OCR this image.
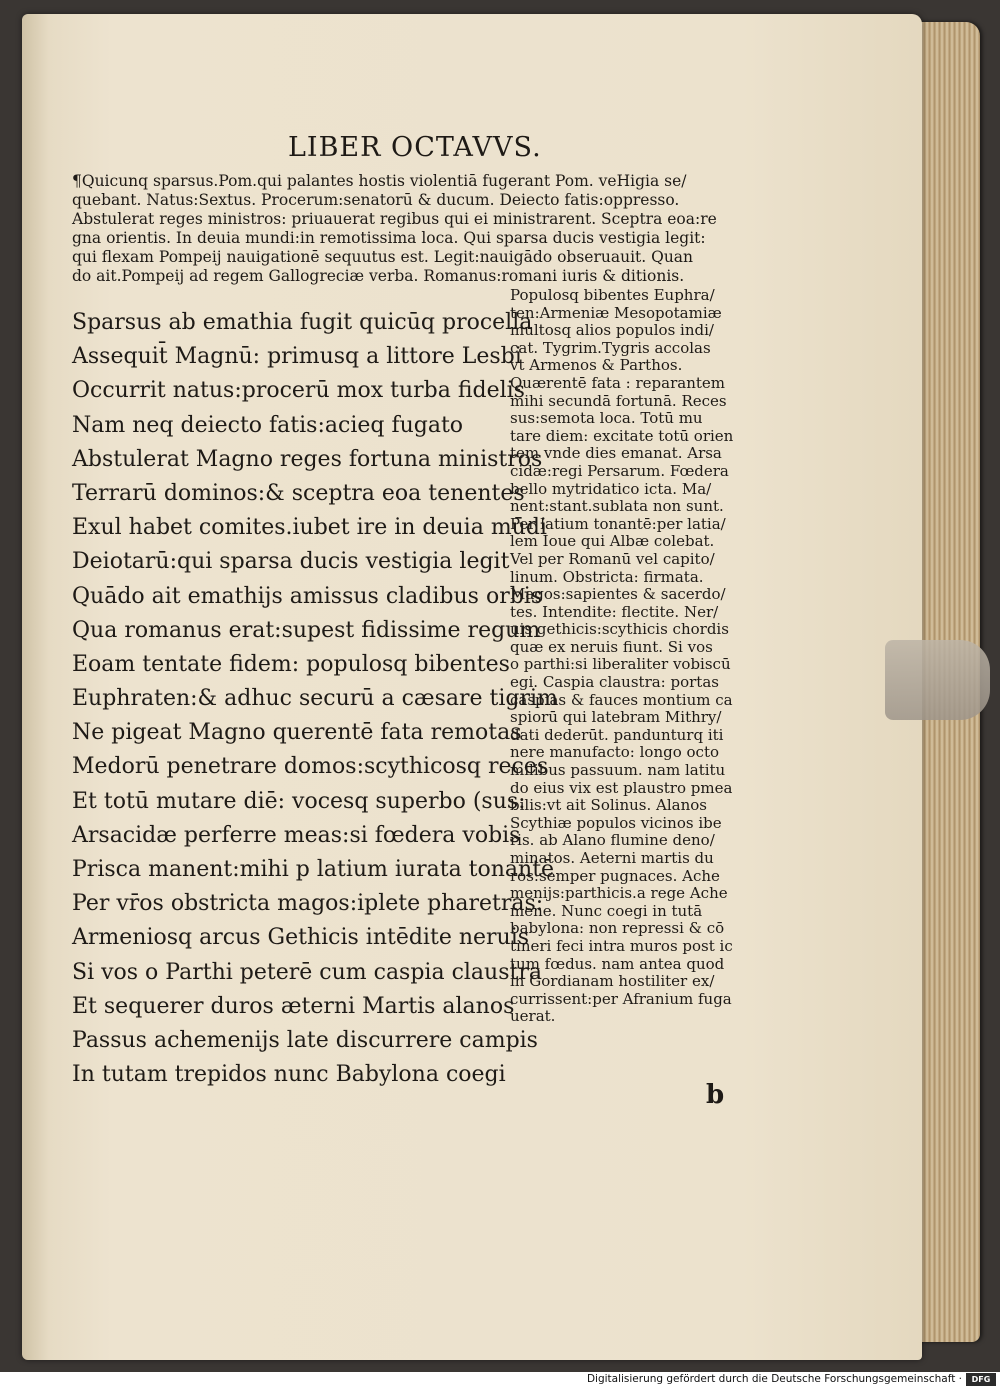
LIBER OCTAVVS.
¶Quicunq sparsus.Pom.qui palantes hostis violentiā fugerant Pom. veHigia se/
quebant. Natus:Sextus. Procerum:senatorū & ducum. Deiecto fatis:oppresso.
Abstulerat reges ministros: priuauerat regibus qui ei ministrarent. Sceptra eoa:re
gna orientis. In deuia mundi:in remotissima loca. Qui sparsa ducis vestigia legit:
qui flexam Pompeij nauigationē sequutus est. Legit:nauigādo obseruauit. Quan
do ait.Pompeij ad regem Gallogreciæ verba. Romanus:romani iuris & ditionis.
Sparsus ab emathia fugit quicūq procella
Assequit̄ Magnū: primusq a littore Lesbi
Occurrit natus:procerū mox turba fidelis
Nam neq deiecto fatis:acieq fugato
Abstulerat Magno reges fortuna ministros
Terrarū dominos:& sceptra eoa tenentes
Exul habet comites.iubet ire in deuia mūdi
Deiotarū:qui sparsa ducis vestigia legit
Quādo ait emathijs amissus cladibus orbis
Qua romanus erat:supest fidissime regum
Eoam tentate fidem: populosq bibentes
Euphraten:& adhuc securū a cæsare tigrim
Ne pigeat Magno querentē fata remotas
Medorū penetrare domos:scythicosq reces
Et totū mutare diē: vocesq superbo (sus:
Arsacidæ perferre meas:si fœdera vobis
Prisca manent:mihi p latium iurata tonantē
Per vr̄os obstricta magos:iplete pharetras:
Armeniosq arcus Gethicis intēdite neruis
Si vos o Parthi peterē cum caspia claustra
Et sequerer duros æterni Martis alanos
Passus achemenijs late discurrere campis
In tutam trepidos nunc Babylona coegi
Populosq bibentes Euphra/
ten:Armeniæ Mesopotamiæ
multosq alios populos indi/
cat. Tygrim.Tygris accolas
vt Armenos & Parthos.
Quærentē fata : reparantem
mihi secundā fortunā. Reces
sus:semota loca. Totū mu
tare diem: excitate totū orien
tem vnde dies emanat. Arsa
cidæ:regi Persarum. Fœdera
bello mytridatico icta. Ma/
nent:stant.sublata non sunt.
Per latium tonantē:per latia/
lem Ioue qui Albæ colebat.
Vel per Romanū vel capito/
linum. Obstricta: firmata.
Magos:sapientes & sacerdo/
tes. Intendite: flectite. Ner/
uis gethicis:scythicis chordis
quæ ex neruis fiunt. Si vos
o parthi:si liberaliter vobiscū
egi. Caspia claustra: portas
caspias & fauces montium ca
spiorū qui latebram Mithry/
dati dederūt. pandunturq iti
nere manufacto: longo octo
milibus passuum. nam latitu
do eius vix est plaustro pmea
bilis:vt ait Solinus. Alanos
Scythiæ populos vicinos ibe
ris. ab Alano flumine deno/
minatos. Aeterni martis du
ros:semper pugnaces. Ache
menijs:parthicis.a rege Ache
mene. Nunc coegi in tutā
babylona: non repressi & cō
tineri feci intra muros post ic
tum fœdus. nam antea quod
in Gordianam hostiliter ex/
currissent:per Afranium fuga
uerat.
b
Digitalisierung gefördert durch die Deutsche Forschungsgemeinschaft ·	DFG
